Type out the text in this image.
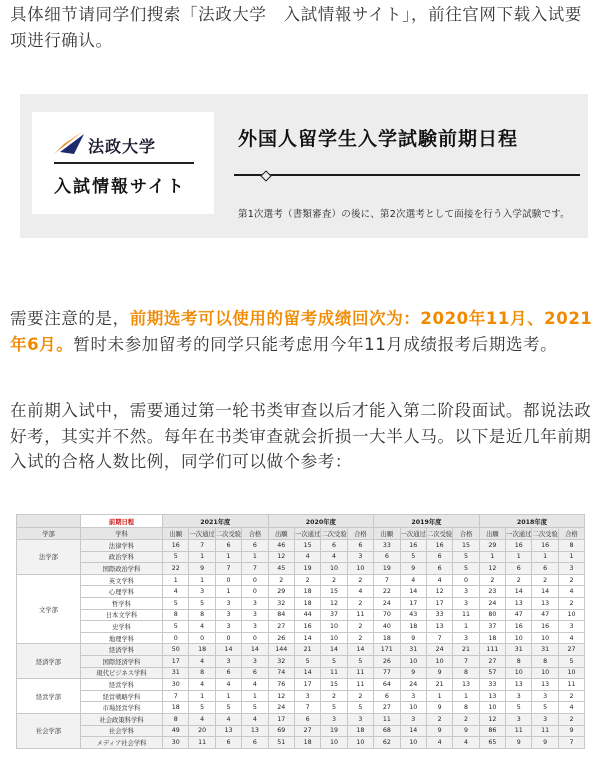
具体细节请同学们搜索「法政大学　入試情報サイト」，前往官网下载入试要项进行确认。

法政大学
入試情報サイト
外国人留学生入学試験前期日程
第1次選考（書類審査）の後に、第2次選考として面接を行う入学試験です。

需要注意的是，前期选考可以使用的留考成绩回次为：2020年11月、2021年6月。暂时未参加留考的同学只能考虑用今年11月成绩报考后期选考。

在前期入试中，需要通过第一轮书类审查以后才能入第二阶段面试。都说法政好考，其实并不然。每年在书类审查就会折损一大半人马。以下是近几年前期入试的合格人数比例，同学们可以做个参考：

	前期日程	2021年度				2020年度				2019年度				2018年度			
学部	学科	出願	一次通过	二次受验	合格	出願	一次通过	二次受验	合格	出願	一次通过	二次受验	合格	出願	一次通过	二次受验	合格
法学部	法律学科	16	7	6	6	46	15	6	6	33	16	16	15	29	16	16	8
	政治学科	5	1	1	1	12	4	4	3	6	5	6	5	1	1	1	1
	国際政治学科	22	9	7	7	45	19	10	10	19	9	6	5	12	6	6	3
文学部	英文学科	1	1	0	0	2	2	2	2	7	4	4	0	2	2	2	2
	心理学科	4	3	1	0	29	18	15	4	22	14	12	3	23	14	14	4
	哲学科	5	5	3	3	32	18	12	2	24	17	17	3	24	13	13	2
	日本文学科	8	8	3	3	84	44	37	11	70	43	33	11	80	47	47	10
	史学科	5	4	3	3	27	16	10	2	40	18	13	1	37	16	16	3
	地理学科	0	0	0	0	26	14	10	2	18	9	7	3	18	10	10	4
経済学部	経済学科	50	18	14	14	144	21	14	14	171	31	24	21	111	31	31	27
	国際経済学科	17	4	3	3	32	5	5	5	26	10	10	7	27	8	8	5
	現代ビジネス学科	31	8	6	6	74	14	11	11	77	9	9	8	57	10	10	10
経営学部	経営学科	30	4	4	4	76	17	15	11	64	24	21	13	33	13	13	11
	経営戦略学科	7	1	1	1	12	3	2	2	6	3	1	1	13	3	3	2
	市場経営学科	18	5	5	5	24	7	5	5	27	10	9	8	10	5	5	4
社会学部	社会政策科学科	8	4	4	4	17	6	3	3	11	3	2	2	12	3	3	2
	社会学科	49	20	13	13	69	27	19	18	68	14	9	9	86	11	11	9
	メディア社会学科	30	11	6	6	51	18	10	10	62	10	4	4	65	9	9	7
